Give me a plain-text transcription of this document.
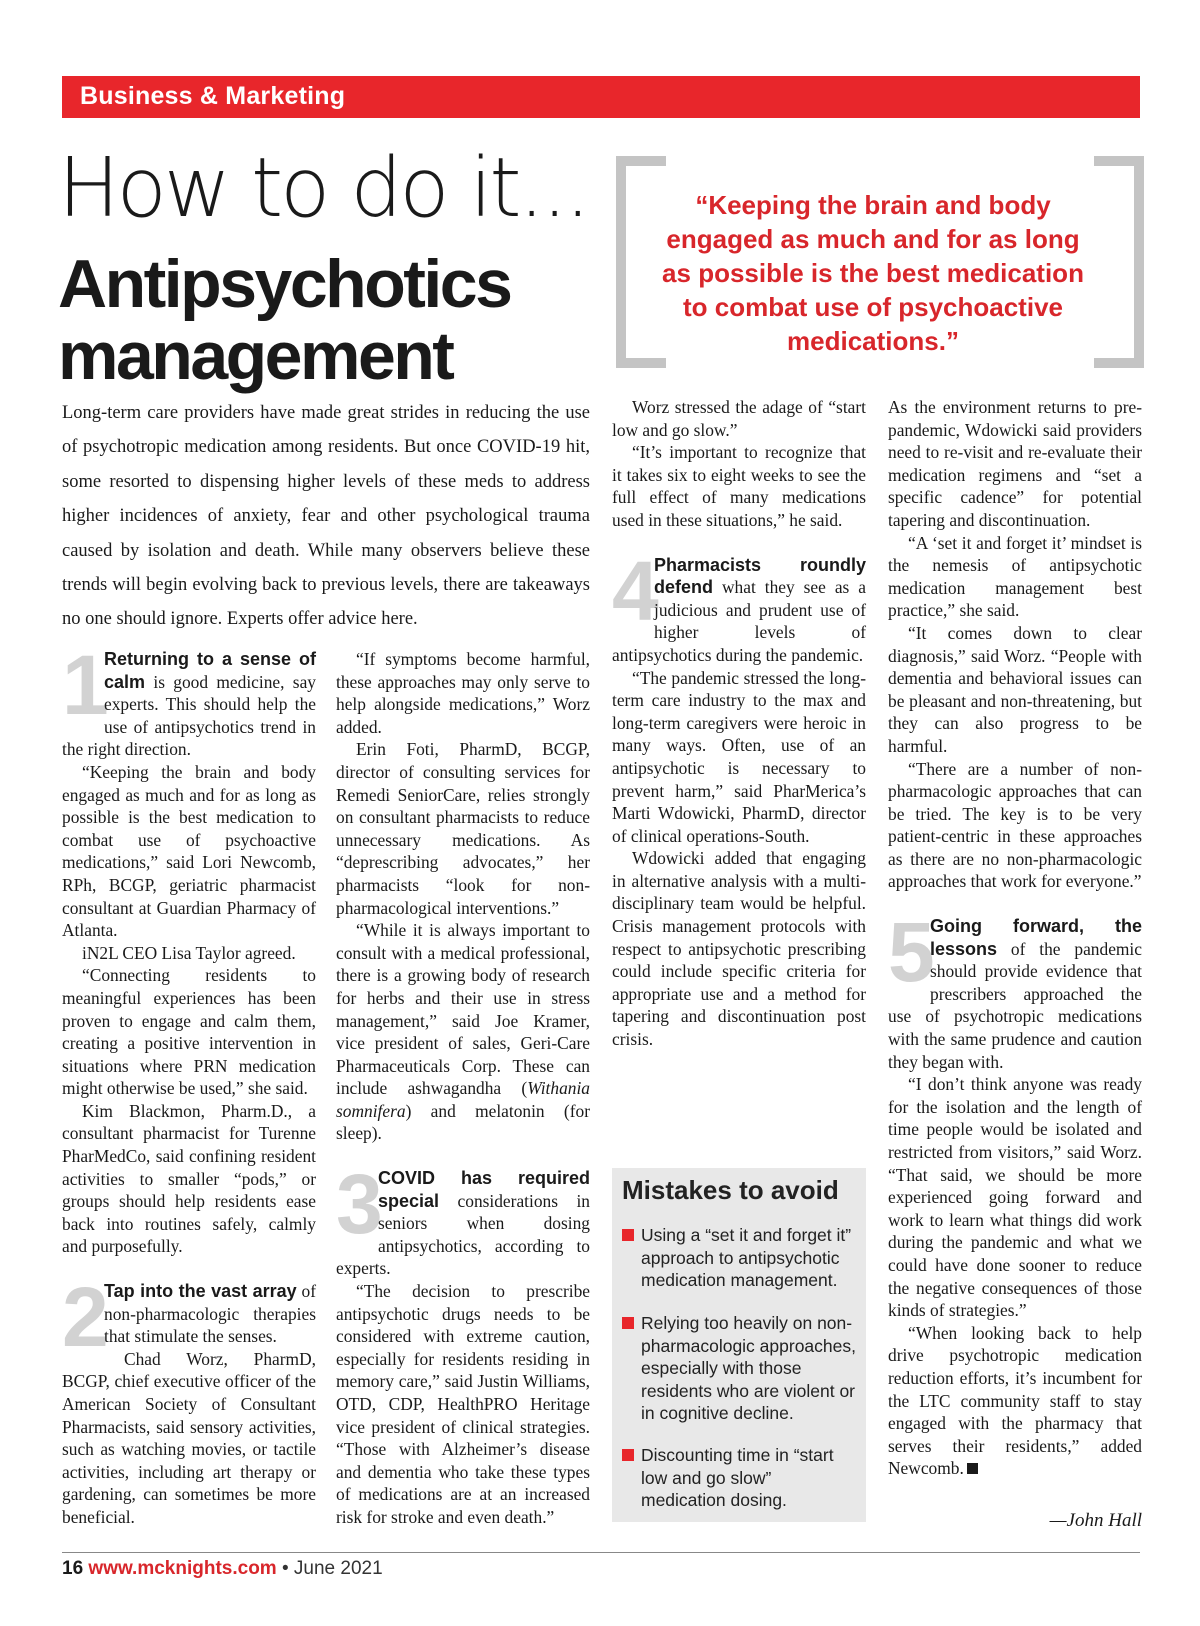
Business & Marketing
How to do it...
Antipsychotics
management
“Keeping the brain and body engaged as much and for as long as possible is the best medication to combat use of psychoactive medications.”
Long-term care providers have made great strides in reducing the use of psychotropic medication among residents. But once COVID-19 hit, some resorted to dispensing higher levels of these meds to address higher incidences of anxiety, fear and other psychological trauma caused by isolation and death. While many observers believe these trends will begin evolving back to previous levels, there are takeaways no one should ignore. Experts offer advice here.

1
Returning to a sense of calm is good medicine, say experts. This should help the use of antipsychotics trend in the right direction.

“Keeping the brain and body engaged as much and for as long as possible is the best medication to combat use of psychoactive medications,” said Lori Newcomb, RPh, BCGP, geriatric pharmacist consultant at Guardian Pharmacy of Atlanta.

iN2L CEO Lisa Taylor agreed.

“Connecting residents to meaningful experiences has been proven to engage and calm them, creating a positive intervention in situations where PRN medication might otherwise be used,” she said.

Kim Blackmon, Pharm.D., a consultant pharmacist for Turenne PharMedCo, said confining resident activities to smaller “pods,” or groups should help residents ease back into routines safely, calmly and purposefully.

2
Tap into the vast array of non-pharmacologic therapies that stimulate the senses.

Chad Worz, PharmD, BCGP, chief executive officer of the American Society of Consultant Pharmacists, said sensory activities, such as watching movies, or tactile activities, including art therapy or gardening, can sometimes be more beneficial.

“If symptoms become harmful, these approaches may only serve to help alongside medications,” Worz added.

Erin Foti, PharmD, BCGP, director of consulting services for Remedi SeniorCare, relies strongly on consultant pharmacists to reduce unnecessary medications. As “deprescribing advocates,” her pharmacists “look for non-pharmacological interventions.”

“While it is always important to consult with a medical professional, there is a growing body of research for herbs and their use in stress management,” said Joe Kramer, vice president of sales, Geri-Care Pharmaceuticals Corp. These can include ashwagandha (Withania somnifera) and melatonin (for sleep).

3
COVID has required special considerations in seniors when dosing antipsychotics, according to experts.

“The decision to prescribe antipsychotic drugs needs to be considered with extreme caution, especially for residents residing in memory care,” said Justin Williams, OTD, CDP, HealthPRO Heritage vice president of clinical strategies. “Those with Alzheimer’s disease and dementia who take these types of medications are at an increased risk for stroke and even death.”

Worz stressed the adage of “start low and go slow.”

“It’s important to recognize that it takes six to eight weeks to see the full effect of many medications used in these situations,” he said.

4
Pharmacists roundly defend what they see as a judicious and prudent use of higher levels of antipsychotics during the pandemic.

“The pandemic stressed the long-term care industry to the max and long-term caregivers were heroic in many ways. Often, use of an antipsychotic is necessary to prevent harm,” said PharMerica’s Marti Wdowicki, PharmD, director of clinical operations-South.

Wdowicki added that engaging in alternative analysis with a multi-disciplinary team would be helpful. Crisis management protocols with respect to antipsychotic prescribing could include specific criteria for appropriate use and a method for tapering and discontinuation post crisis.

Mistakes to avoid
Using a “set it and forget it” approach to antipsychotic medication management.
Relying too heavily on non-pharmacologic approaches, especially with those residents who are violent or in cognitive decline.
Discounting time in “start low and go slow” medication dosing.

As the environment returns to pre-pandemic, Wdowicki said providers need to re-visit and re-evaluate their medication regimens and “set a specific cadence” for potential tapering and discontinuation.

“A ‘set it and forget it’ mindset is the nemesis of antipsychotic medication management best practice,” she said.

“It comes down to clear diagnosis,” said Worz. “People with dementia and behavioral issues can be pleasant and non-threatening, but they can also progress to be harmful.

“There are a number of non-pharmacologic approaches that can be tried. The key is to be very patient-centric in these approaches as there are no non-pharmacologic approaches that work for everyone.”

5
Going forward, the lessons of the pandemic should provide evidence that prescribers approached the use of psychotropic medications with the same prudence and caution they began with.

“I don’t think anyone was ready for the isolation and the length of time people would be isolated and restricted from visitors,” said Worz. “That said, we should be more experienced going forward and work to learn what things did work during the pandemic and what we could have done sooner to reduce the negative consequences of those kinds of strategies.”

“When looking back to help drive psychotropic medication reduction efforts, it’s incumbent for the LTC community staff to stay engaged with the pharmacy that serves their residents,” added Newcomb.

—John Hall
16 www.mcknights.com • June 2021
